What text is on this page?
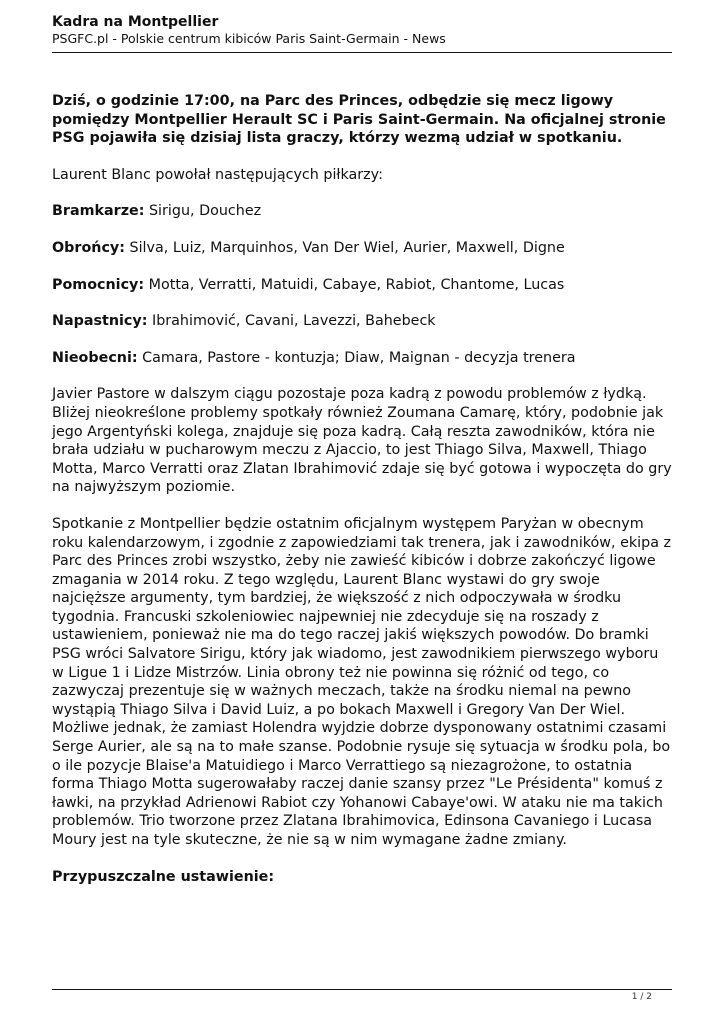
Kadra na Montpellier

PSGFC.pl - Polskie centrum kibiców Paris Saint-Germain - News

Dziś, o godzinie 17:00, na Parc des Princes, odbędzie się mecz ligowy pomiędzy Montpellier Herault SC i Paris Saint-Germain. Na oficjalnej stronie PSG pojawiła się dzisiaj lista graczy, którzy wezmą udział w spotkaniu.

Laurent Blanc powołał następujących piłkarzy:

Bramkarze: Sirigu, Douchez

Obrońcy: Silva, Luiz, Marquinhos, Van Der Wiel, Aurier, Maxwell, Digne

Pomocnicy: Motta, Verratti, Matuidi, Cabaye, Rabiot, Chantome, Lucas

Napastnicy: Ibrahimović, Cavani, Lavezzi, Bahebeck

Nieobecni: Camara, Pastore - kontuzja; Diaw, Maignan - decyzja trenera

Javier Pastore w dalszym ciągu pozostaje poza kadrą z powodu problemów z łydką. Bliżej nieokreślone problemy spotkały również Zoumana Camarę, który, podobnie jak jego Argentyński kolega, znajduje się poza kadrą. Całą reszta zawodników, która nie brała udziału w pucharowym meczu z Ajaccio, to jest Thiago Silva, Maxwell, Thiago Motta, Marco Verratti oraz Zlatan Ibrahimović zdaje się być gotowa i wypoczęta do gry na najwyższym poziomie.

Spotkanie z Montpellier będzie ostatnim oficjalnym występem Paryżan w obecnym roku kalendarzowym, i zgodnie z zapowiedziami tak trenera, jak i zawodników, ekipa z Parc des Princes zrobi wszystko, żeby nie zawieść kibiców i dobrze zakończyć ligowe zmagania w 2014 roku. Z tego względu, Laurent Blanc wystawi do gry swoje najcięższe argumenty, tym bardziej, że większość z nich odpoczywała w środku tygodnia. Francuski szkoleniowiec najpewniej nie zdecyduje się na roszady z ustawieniem, ponieważ nie ma do tego raczej jakiś większych powodów. Do bramki PSG wróci Salvatore Sirigu, który jak wiadomo, jest zawodnikiem pierwszego wyboru w Ligue 1 i Lidze Mistrzów. Linia obrony też nie powinna się różnić od tego, co zazwyczaj prezentuje się w ważnych meczach, także na środku niemal na pewno wystąpią Thiago Silva i David Luiz, a po bokach Maxwell i Gregory Van Der Wiel. Możliwe jednak, że zamiast Holendra wyjdzie dobrze dysponowany ostatnimi czasami Serge Aurier, ale są na to małe szanse. Podobnie rysuje się sytuacja w środku pola, bo o ile pozycje Blaise'a Matuidiego i Marco Verrattiego są niezagrożone, to ostatnia forma Thiago Motta sugerowałaby raczej danie szansy przez "Le Présidenta" komuś z ławki, na przykład Adrienowi Rabiot czy Yohanowi Cabaye'owi. W ataku nie ma takich problemów. Trio tworzone przez Zlatana Ibrahimovica, Edinsona Cavaniego i Lucasa Moury jest na tyle skuteczne, że nie są w nim wymagane żadne zmiany.

Przypuszczalne ustawienie:

1 / 2
